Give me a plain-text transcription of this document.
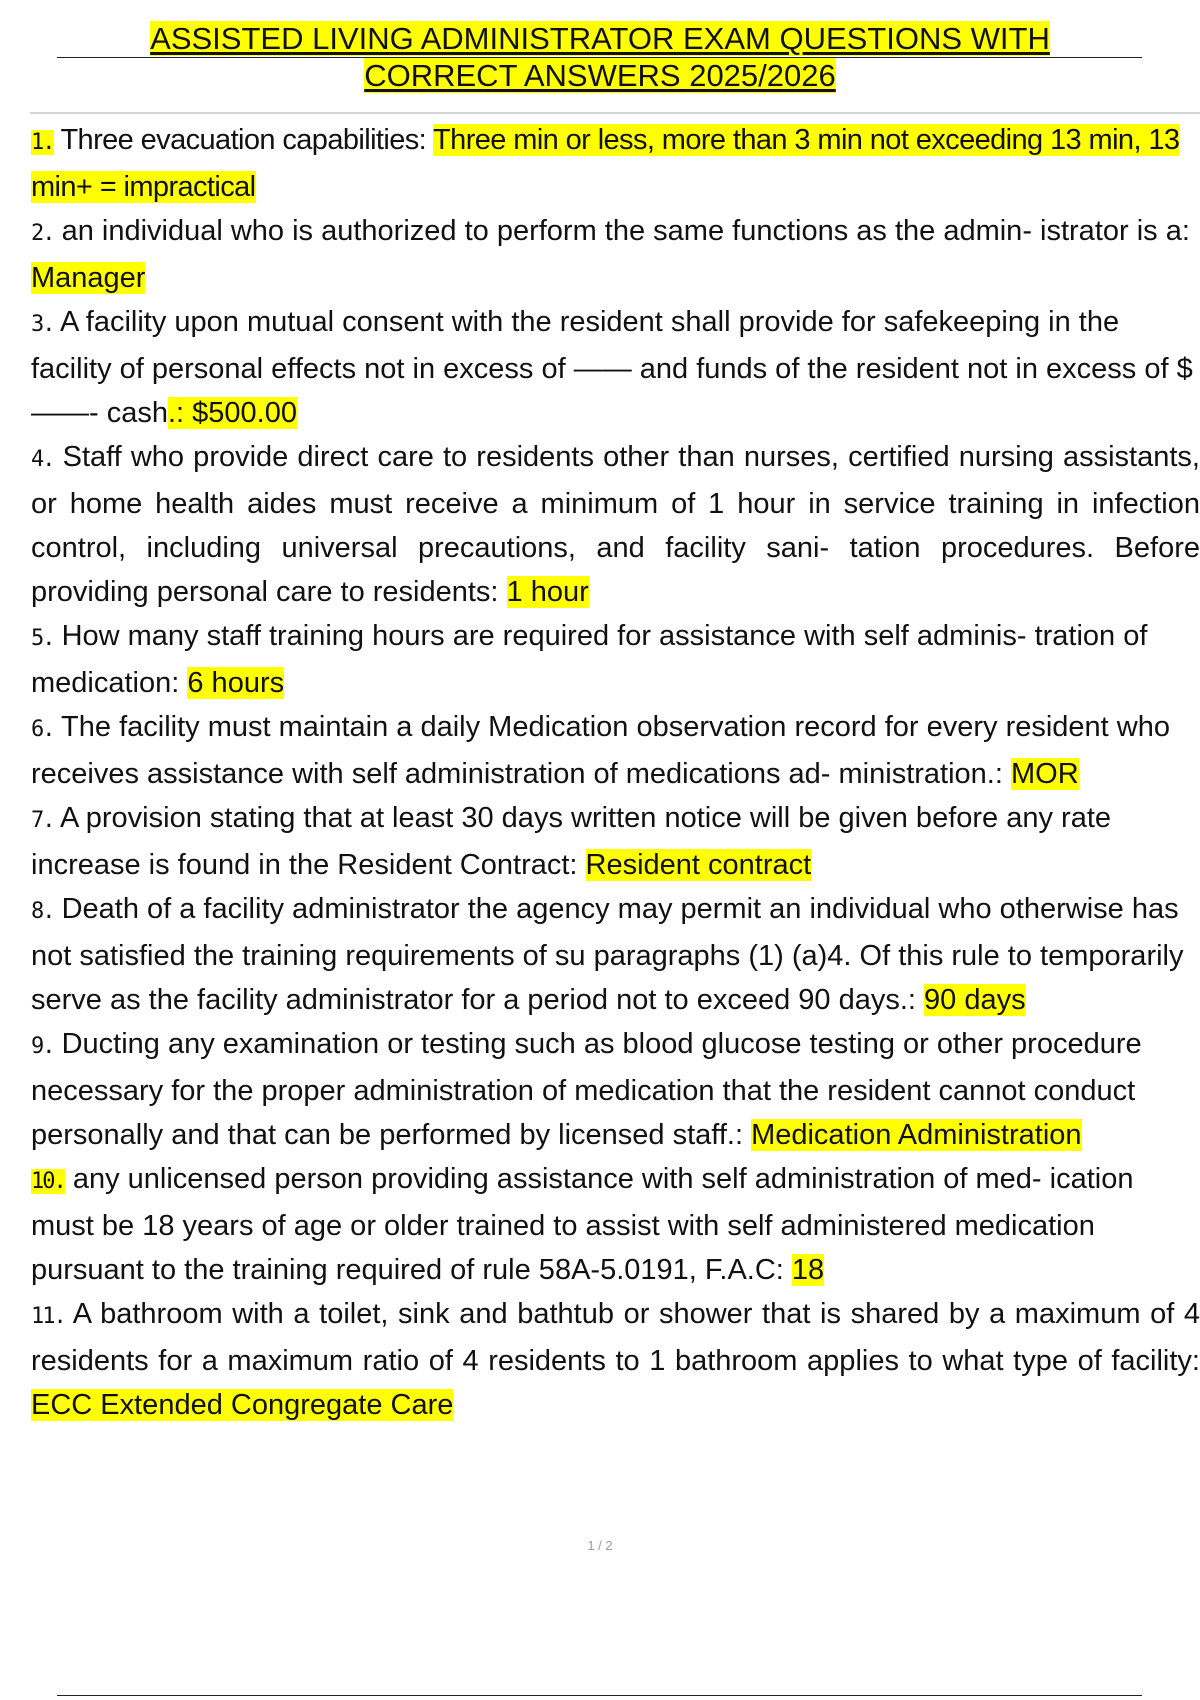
ASSISTED LIVING ADMINISTRATOR EXAM QUESTIONS WITH
CORRECT ANSWERS 2025/2026

1. Three evacuation capabilities: Three min or less, more than 3 min not exceeding 13 min, 13 min+ = impractical

2. an individual who is authorized to perform the same functions as the admin- istrator is a: Manager

3. A facility upon mutual consent with the resident shall provide for safekeeping in the facility of personal effects not in excess of —— and funds of the resident not in excess of $——- cash.: $500.00

4. Staff who provide direct care to residents other than nurses, certified nursing assistants, or home health aides must receive a minimum of 1 hour in service training in infection control, including universal precautions, and facility sani- tation procedures. Before providing personal care to residents: 1 hour

5. How many staff training hours are required for assistance with self adminis- tration of medication: 6 hours

6. The facility must maintain a daily Medication observation record for every resident who receives assistance with self administration of medications ad- ministration.: MOR

7. A provision stating that at least 30 days written notice will be given before any rate increase is found in the Resident Contract: Resident contract

8. Death of a facility administrator the agency may permit an individual who otherwise has not satisfied the training requirements of su paragraphs (1) (a)4. Of this rule to temporarily serve as the facility administrator for a period not to exceed 90 days.: 90 days

9. Ducting any examination or testing such as blood glucose testing or other procedure necessary for the proper administration of medication that the resident cannot conduct personally and that can be performed by licensed staff.: Medication Administration

10. any unlicensed person providing assistance with self administration of med- ication must be 18 years of age or older trained to assist with self administered medication pursuant to the training required of rule 58A-5.0191, F.A.C: 18

11. A bathroom with a toilet, sink and bathtub or shower that is shared by a maximum of 4 residents for a maximum ratio of 4 residents to 1 bathroom applies to what type of facility: ECC Extended Congregate Care

1 / 2
